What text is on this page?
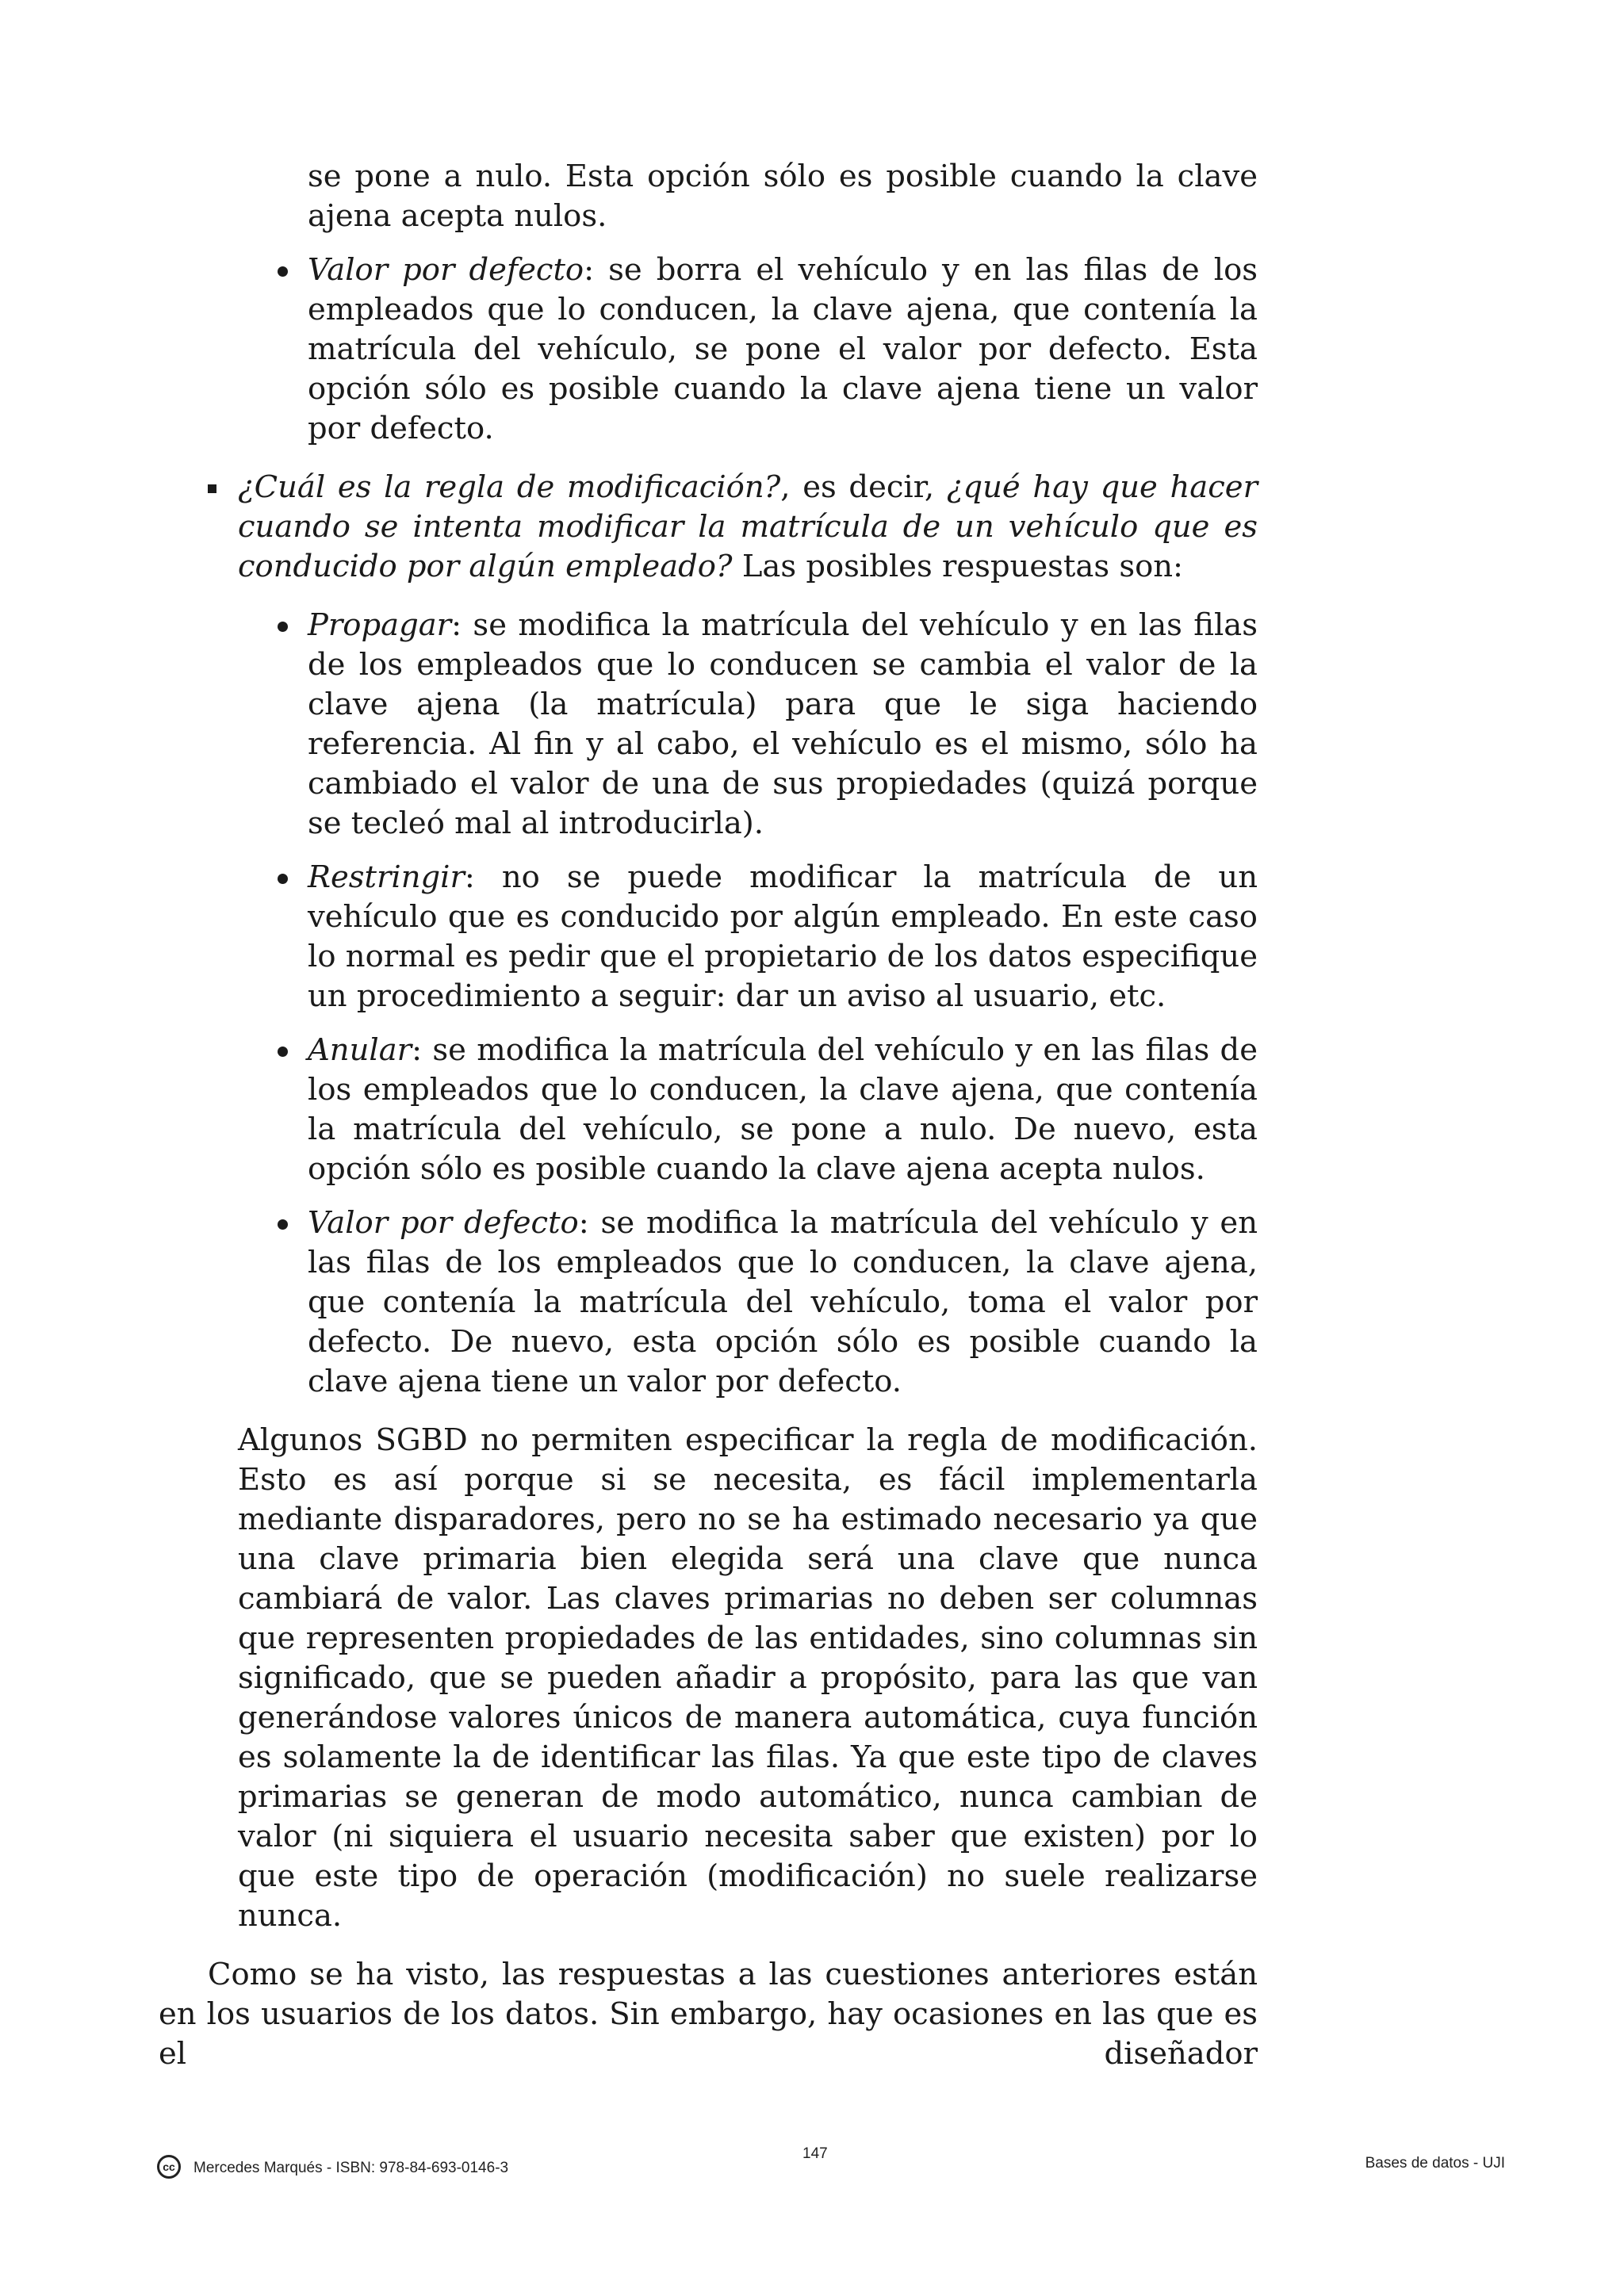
se pone a nulo. Esta opción sólo es posible cuando la clave ajena acepta nulos.

Valor por defecto: se borra el vehículo y en las filas de los empleados que lo conducen, la clave ajena, que contenía la matrícula del vehículo, se pone el valor por defecto. Esta opción sólo es posible cuando la clave ajena tiene un valor por defecto.

¿Cuál es la regla de modificación?, es decir, ¿qué hay que hacer cuando se intenta modificar la matrícula de un vehículo que es conducido por algún empleado? Las posibles respuestas son:

Propagar: se modifica la matrícula del vehículo y en las filas de los empleados que lo conducen se cambia el valor de la clave ajena (la matrícula) para que le siga haciendo referencia. Al fin y al cabo, el vehículo es el mismo, sólo ha cambiado el valor de una de sus propiedades (quizá porque se tecleó mal al introducirla).

Restringir: no se puede modificar la matrícula de un vehículo que es conducido por algún empleado. En este caso lo normal es pedir que el propietario de los datos especifique un procedimiento a seguir: dar un aviso al usuario, etc.

Anular: se modifica la matrícula del vehículo y en las filas de los empleados que lo conducen, la clave ajena, que contenía la matrícula del vehículo, se pone a nulo. De nuevo, esta opción sólo es posible cuando la clave ajena acepta nulos.

Valor por defecto: se modifica la matrícula del vehículo y en las filas de los empleados que lo conducen, la clave ajena, que contenía la matrícula del vehículo, toma el valor por defecto. De nuevo, esta opción sólo es posible cuando la clave ajena tiene un valor por defecto.

Algunos SGBD no permiten especificar la regla de modificación. Esto es así porque si se necesita, es fácil implementarla mediante disparadores, pero no se ha estimado necesario ya que una clave primaria bien elegida será una clave que nunca cambiará de valor. Las claves primarias no deben ser columnas que representen propiedades de las entidades, sino columnas sin significado, que se pueden añadir a propósito, para las que van generándose valores únicos de manera automática, cuya función es solamente la de identificar las filas. Ya que este tipo de claves primarias se generan de modo automático, nunca cambian de valor (ni siquiera el usuario necesita saber que existen) por lo que este tipo de operación (modificación) no suele realizarse nunca.

Como se ha visto, las respuestas a las cuestiones anteriores están en los usuarios de los datos. Sin embargo, hay ocasiones en las que es el diseñador

cc	Mercedes Marqués - ISBN: 978-84-693-0146-3
147
Bases de datos - UJI
